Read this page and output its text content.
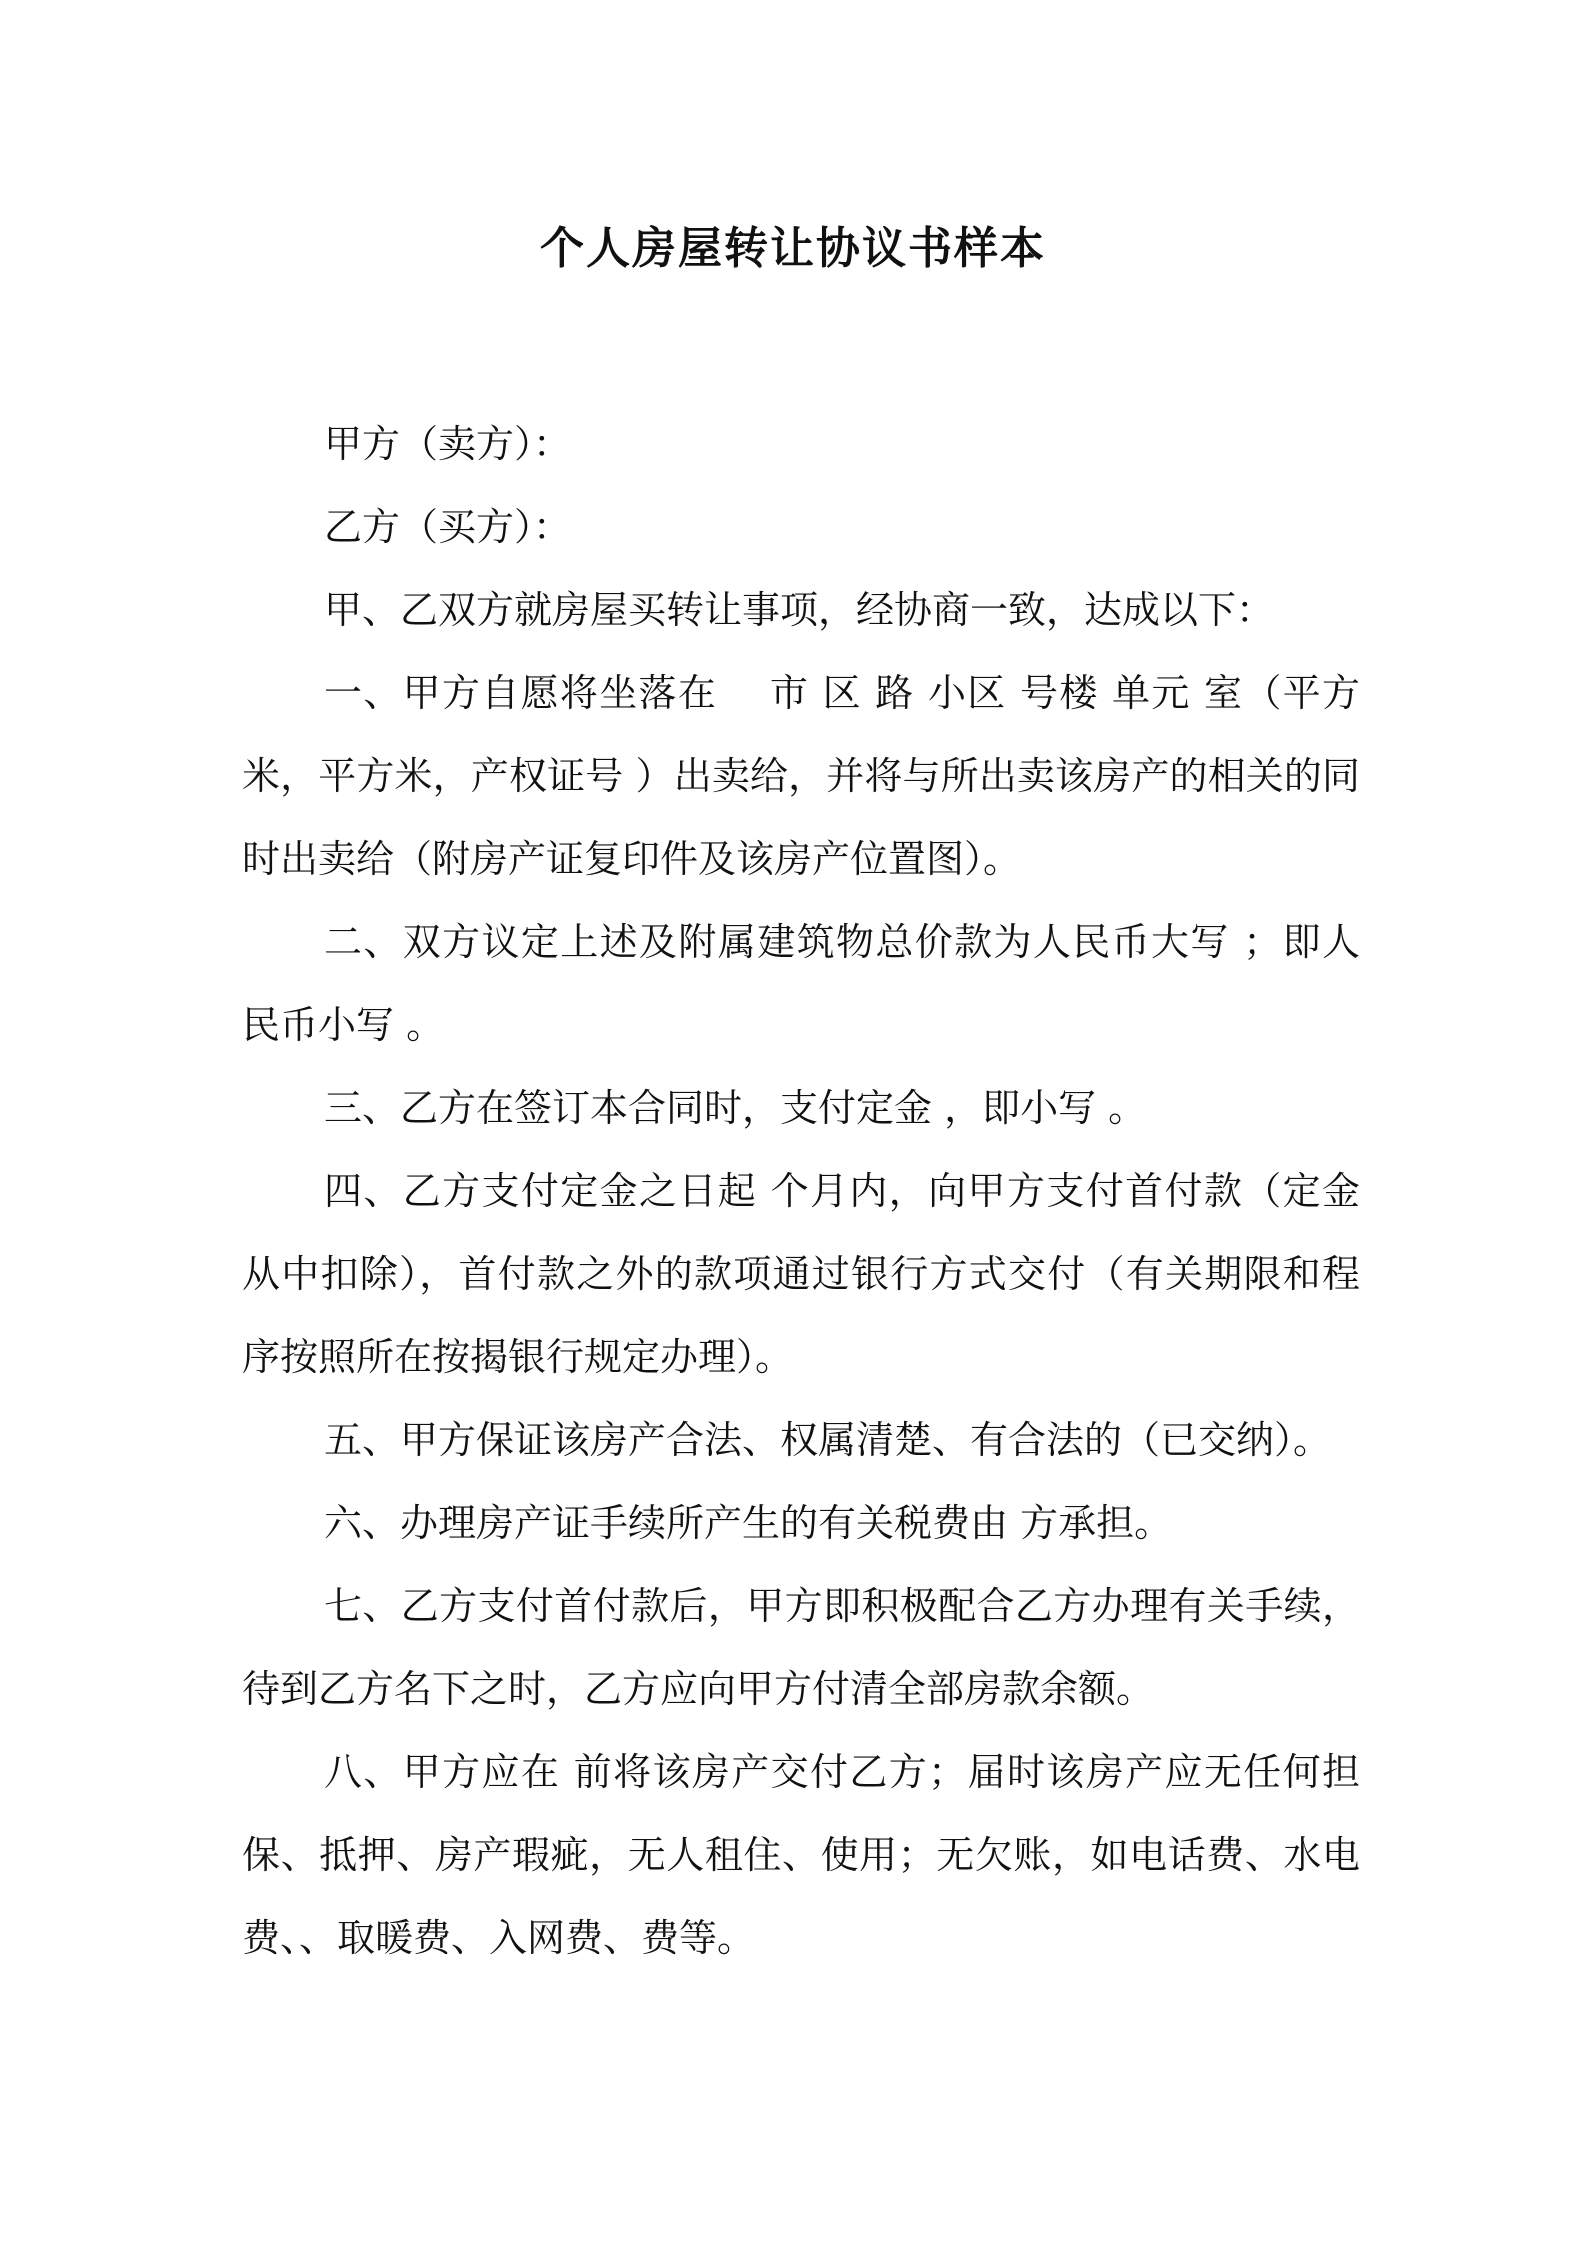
个人房屋转让协议书样本

甲方（卖方）：

乙方（买方）：

甲、乙双方就房屋买转让事项，经协商一致，达成以下：

一、甲方自愿将坐落在　 市 区 路 小区 号楼 单元 室（平方米，平方米，产权证号 ）出卖给，并将与所出卖该房产的相关的同时出卖给（附房产证复印件及该房产位置图）。

二、双方议定上述及附属建筑物总价款为人民币大写 ；即人民币小写 。

三、乙方在签订本合同时，支付定金 ，即小写 。

四、乙方支付定金之日起 个月内，向甲方支付首付款（定金从中扣除），首付款之外的款项通过银行方式交付（有关期限和程序按照所在按揭银行规定办理）。

五、甲方保证该房产合法、权属清楚、有合法的（已交纳）。

六、办理房产证手续所产生的有关税费由 方承担。

七、乙方支付首付款后，甲方即积极配合乙方办理有关手续，待到乙方名下之时，乙方应向甲方付清全部房款余额。

八、甲方应在 前将该房产交付乙方；届时该房产应无任何担保、抵押、房产瑕疵，无人租住、使用；无欠账，如电话费、水电费、、取暖费、入网费、费等。
